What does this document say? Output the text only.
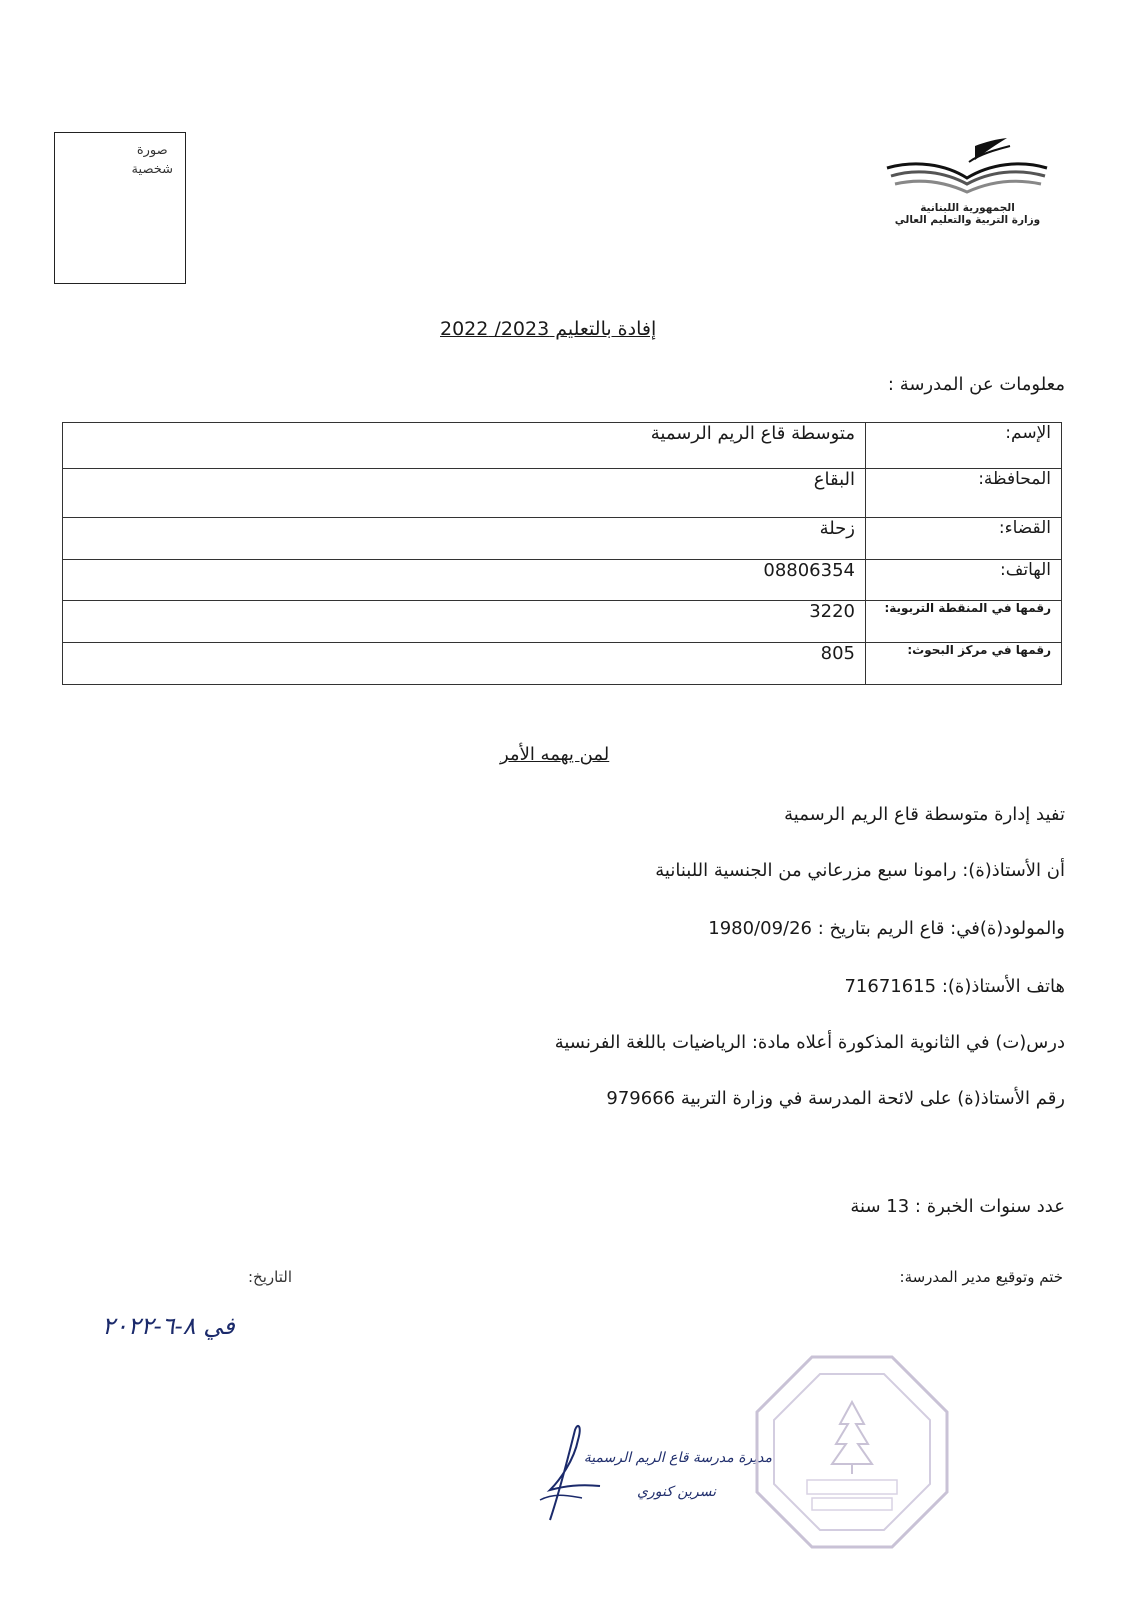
صورة
شخصية
الجمهورية اللبنانية
وزارة التربية والتعليم العالي
إفادة بالتعليم 2023/ 2022
معلومات عن المدرسة :
الإسم:	متوسطة قاع الريم الرسمية
المحافظة:	البقاع
القضاء:	زحلة
الهاتف:	08806354
رقمها في المنقطة التربوية:	3220
رقمها في مركز البحوث:	805
لمن يهمه الأمر
تفيد إدارة متوسطة قاع الريم الرسمية
أن الأستاذ(ة): رامونا سبع مزرعاني من الجنسية اللبنانية
والمولود(ة)في: قاع الريم بتاريخ : 1980/09/26
هاتف الأستاذ(ة): 71671615
درس(ت) في الثانوية المذكورة أعلاه مادة: الرياضيات باللغة الفرنسية
رقم الأستاذ(ة) على لائحة المدرسة في وزارة التربية 979666
عدد سنوات الخبرة : 13 سنة
ختم وتوقيع مدير المدرسة:
التاريخ:
في ٨-٦-٢٠٢٢
مديرة مدرسة قاع الريم الرسمية
نسرين كنوري
